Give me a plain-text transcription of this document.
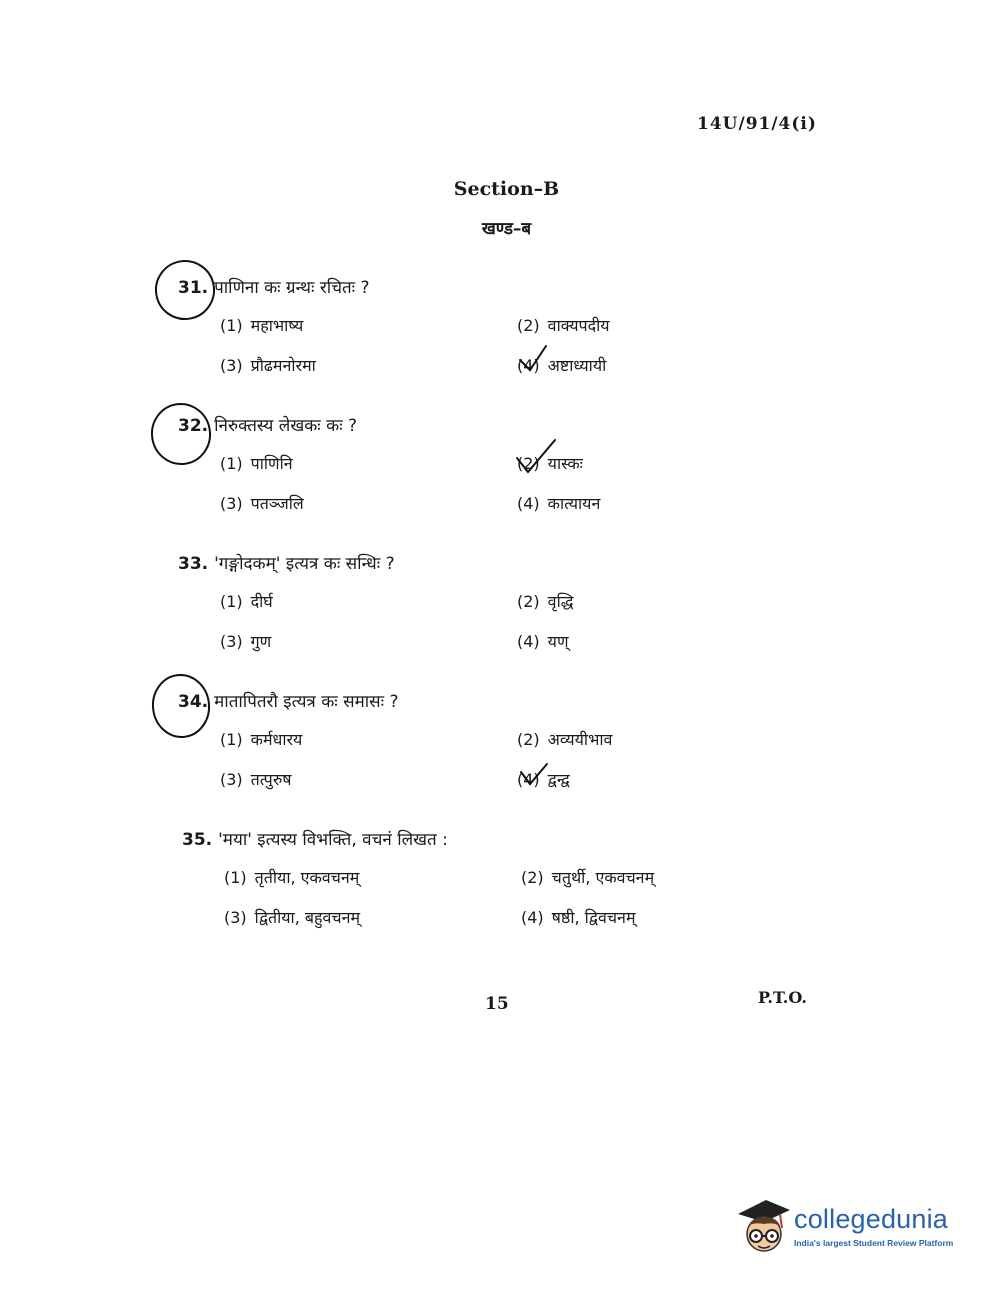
14U/91/4(i)
Section–B
खण्ड–ब
31. पाणिना कः ग्रन्थः रचितः ?
(1) महाभाष्य	(2) वाक्यपदीय
(3) प्रौढमनोरमा	(4) अष्टाध्यायी
32. निरुक्तस्य लेखकः कः ?
(1) पाणिनि	(2) यास्कः
(3) पतञ्जलि	(4) कात्यायन
33. 'गङ्गोदकम्' इत्यत्र कः सन्धिः ?
(1) दीर्घ	(2) वृद्धि
(3) गुण	(4) यण्
34. मातापितरौ इत्यत्र कः समासः ?
(1) कर्मधारय	(2) अव्ययीभाव
(3) तत्पुरुष	(4) द्वन्द्व
35. 'मया' इत्यस्य विभक्ति, वचनं लिखत :
(1) तृतीया, एकवचनम्	(2) चतुर्थी, एकवचनम्
(3) द्वितीया, बहुवचनम्	(4) षष्ठी, द्विवचनम्
15	P.T.O.
collegedunia
India's largest Student Review Platform
